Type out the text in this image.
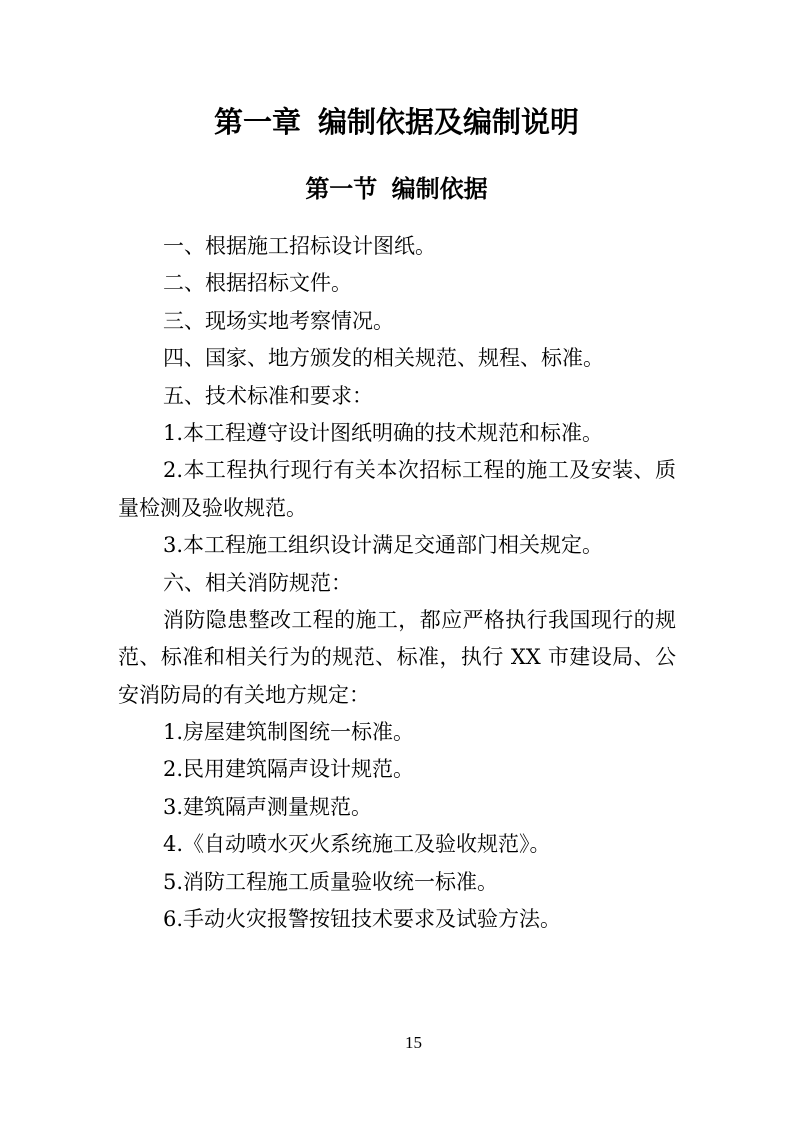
第一章 编制依据及编制说明
第一节 编制依据
一、根据施工招标设计图纸。
二、根据招标文件。
三、现场实地考察情况。
四、国家、地方颁发的相关规范、规程、标准。
五、技术标准和要求：
1.本工程遵守设计图纸明确的技术规范和标准。
2.本工程执行现行有关本次招标工程的施工及安装、质
量检测及验收规范。
3.本工程施工组织设计满足交通部门相关规定。
六、相关消防规范：
消防隐患整改工程的施工，都应严格执行我国现行的规
范、标准和相关行为的规范、标准，执行 XX 市建设局、公
安消防局的有关地方规定：
1.房屋建筑制图统一标准。
2.民用建筑隔声设计规范。
3.建筑隔声测量规范。
4.《自动喷水灭火系统施工及验收规范》。
5.消防工程施工质量验收统一标准。
6.手动火灾报警按钮技术要求及试验方法。
15
